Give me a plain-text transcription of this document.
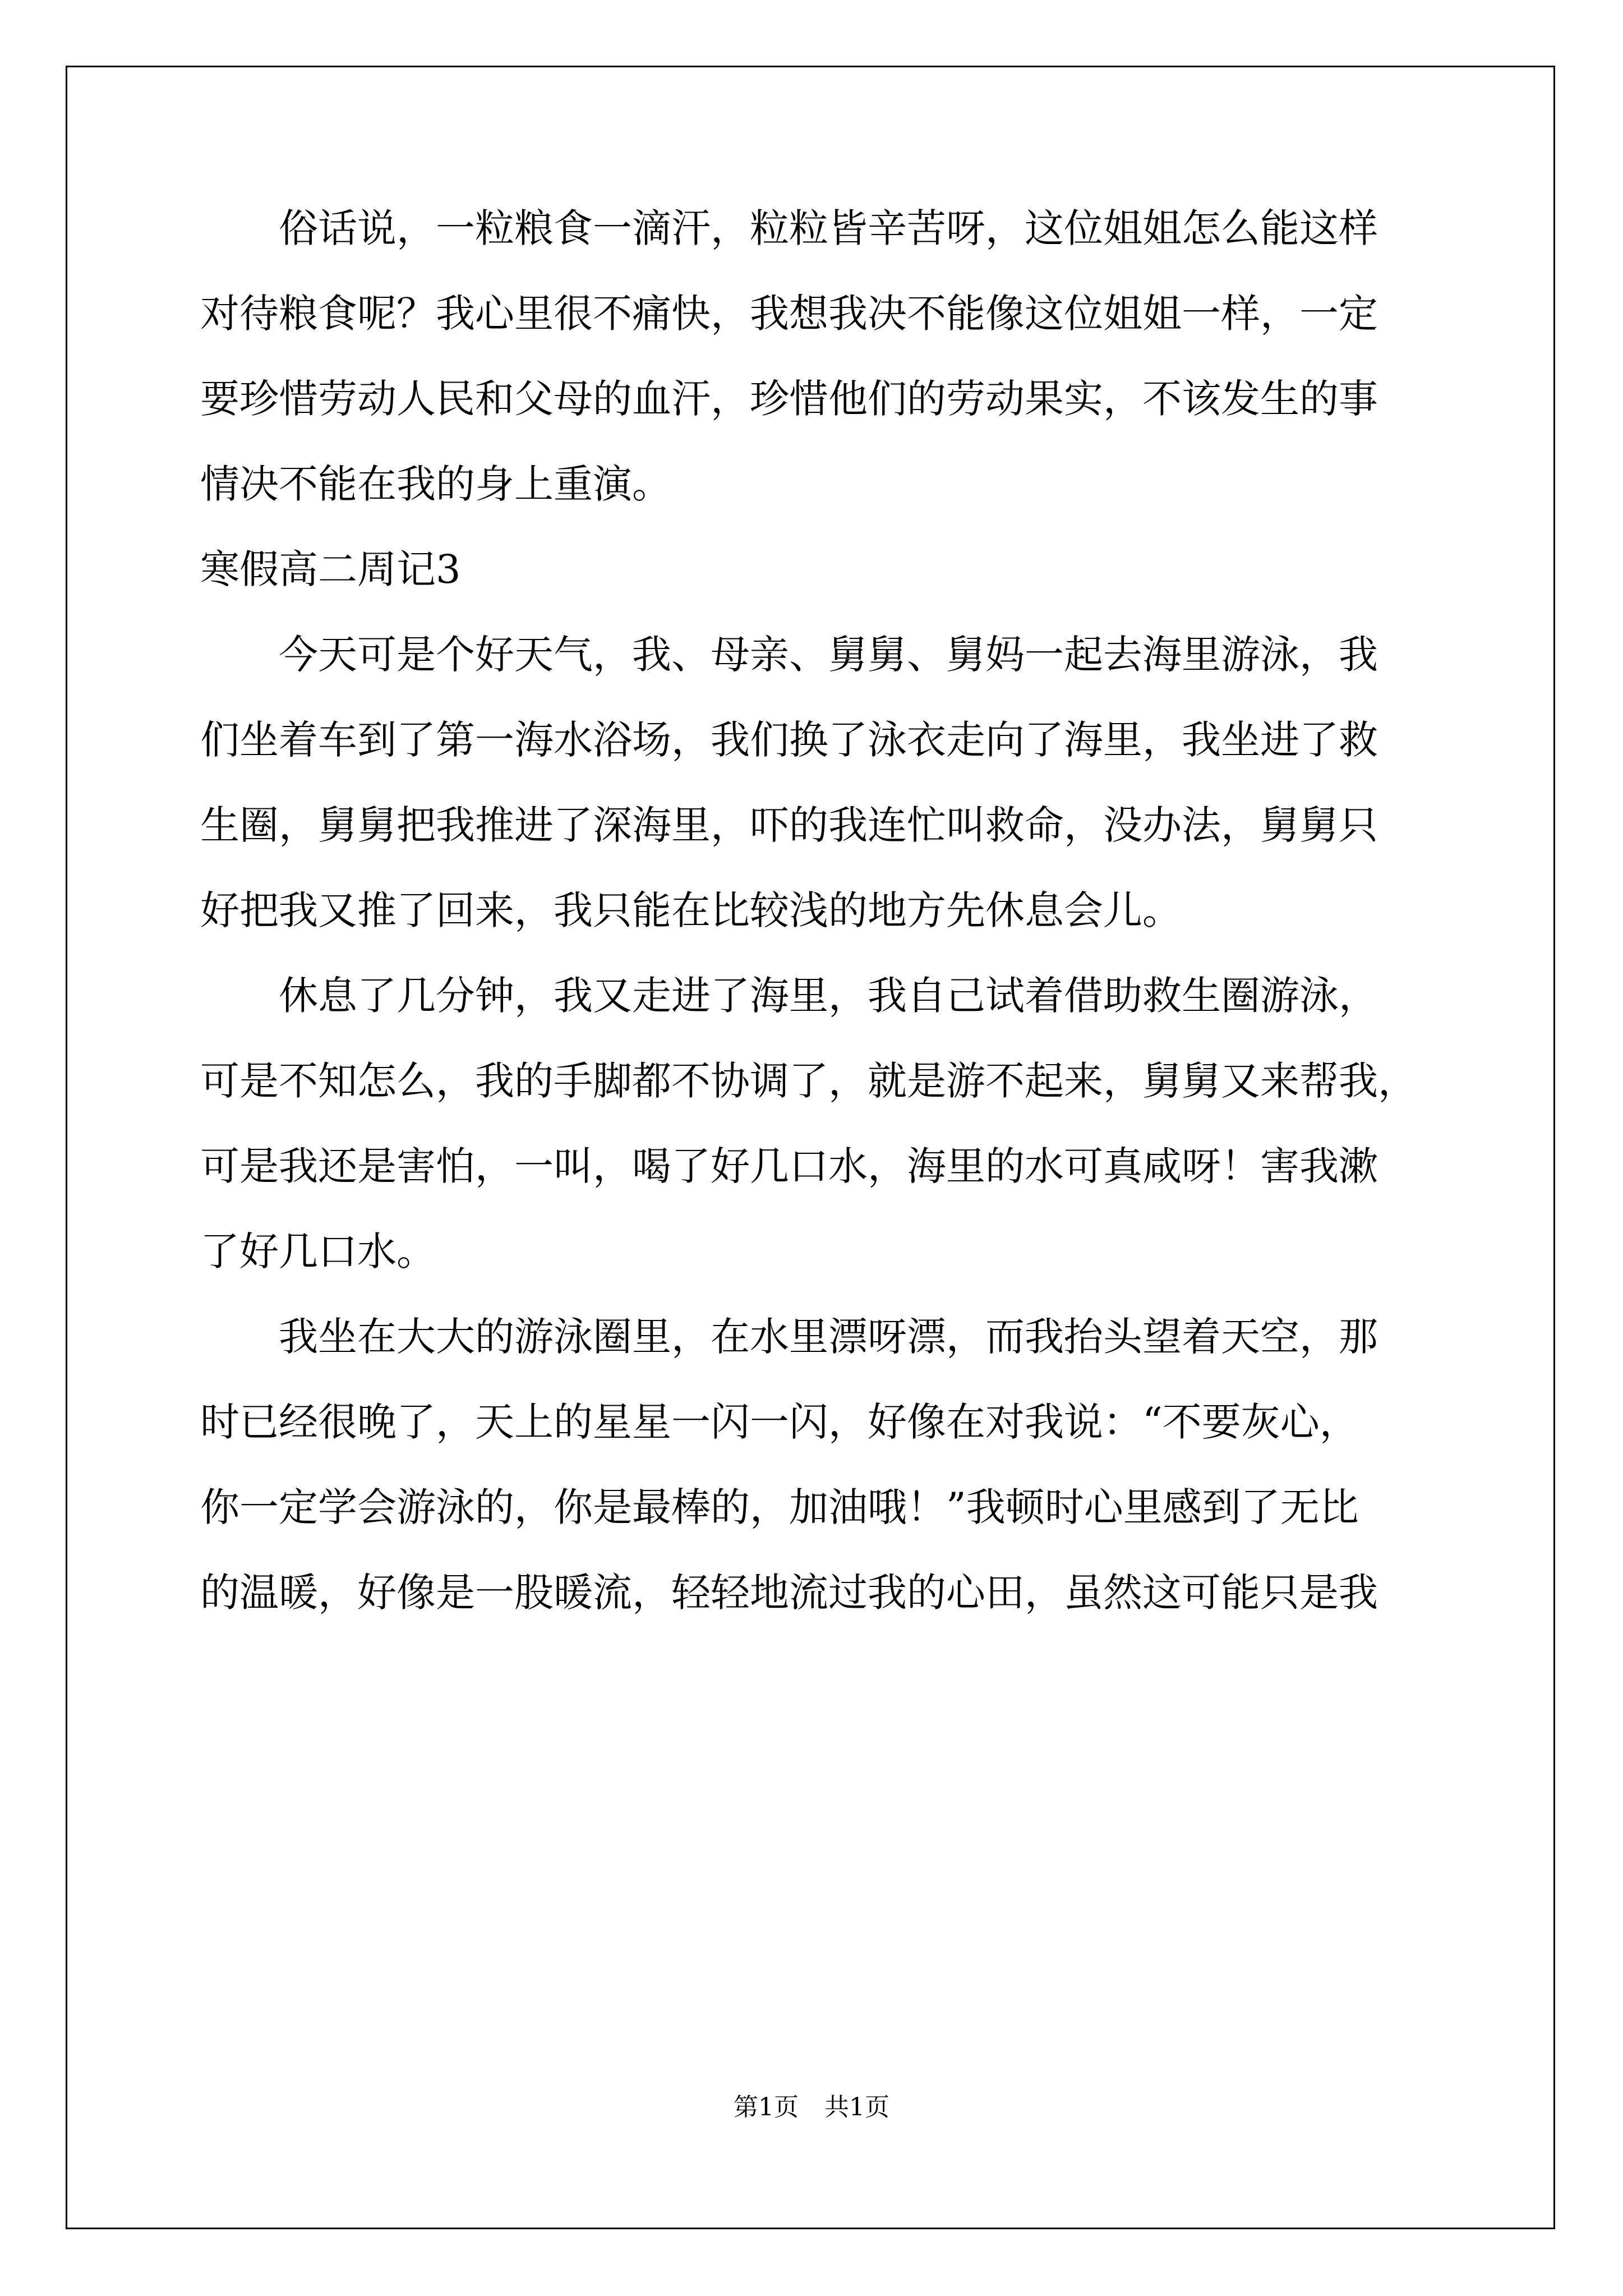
　　俗话说，一粒粮食一滴汗，粒粒皆辛苦呀，这位姐姐怎么能这样
对待粮食呢？我心里很不痛快，我想我决不能像这位姐姐一样，一定
要珍惜劳动人民和父母的血汗，珍惜他们的劳动果实，不该发生的事
情决不能在我的身上重演。
寒假高二周记3
　　今天可是个好天气，我、母亲、舅舅、舅妈一起去海里游泳，我
们坐着车到了第一海水浴场，我们换了泳衣走向了海里，我坐进了救
生圈，舅舅把我推进了深海里，吓的我连忙叫救命，没办法，舅舅只
好把我又推了回来，我只能在比较浅的地方先休息会儿。
　　休息了几分钟，我又走进了海里，我自己试着借助救生圈游泳，
可是不知怎么，我的手脚都不协调了，就是游不起来，舅舅又来帮我，
可是我还是害怕，一叫，喝了好几口水，海里的水可真咸呀！害我漱
了好几口水。
　　我坐在大大的游泳圈里，在水里漂呀漂，而我抬头望着天空，那
时已经很晚了，天上的星星一闪一闪，好像在对我说：“不要灰心，
你一定学会游泳的，你是最棒的，加油哦！”我顿时心里感到了无比
的温暖，好像是一股暖流，轻轻地流过我的心田，虽然这可能只是我
第1页 共1页
